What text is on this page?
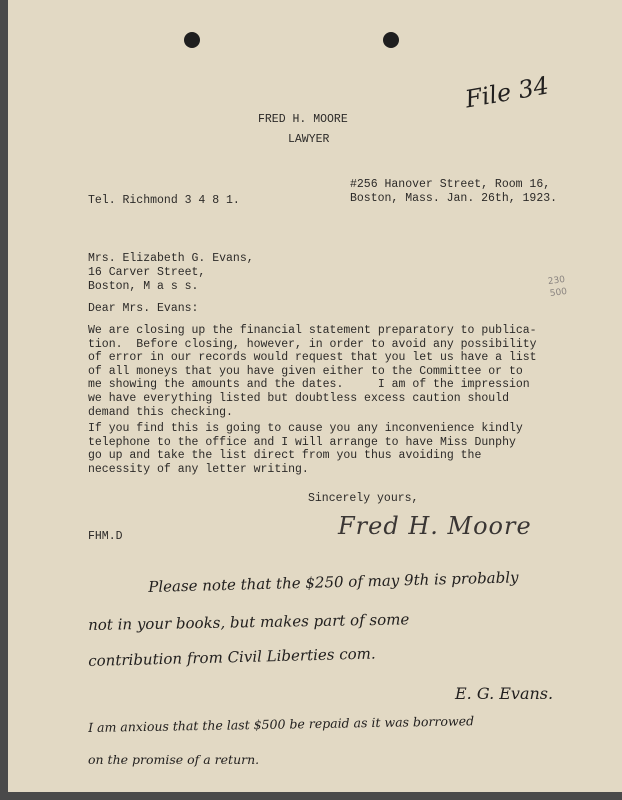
FRED H. MOORE
LAWYER
File 34
Tel. Richmond 3 4 8 1.
#256 Hanover Street, Room 16,
Boston, Mass. Jan. 26th, 1923.
Mrs. Elizabeth G. Evans,
16 Carver Street,
Boston, M a s s.	230
500
Dear Mrs. Evans:
We are closing up the financial statement preparatory to publica-
tion.  Before closing, however, in order to avoid any possibility
of error in our records would request that you let us have a list
of all moneys that you have given either to the Committee or to
me showing the amounts and the dates.     I am of the impression
we have everything listed but doubtless excess caution should
demand this checking.
If you find this is going to cause you any inconvenience kindly
telephone to the office and I will arrange to have Miss Dunphy
go up and take the list direct from you thus avoiding the
necessity of any letter writing.
Sincerely yours,
Fred H. Moore
FHM.D
Please note that the $250 of may 9th is probably
not in your books, but makes part of some
contribution from Civil Liberties com.
E. G. Evans.
I am anxious that the last $500 be repaid as it was borrowed
on the promise of a return.
